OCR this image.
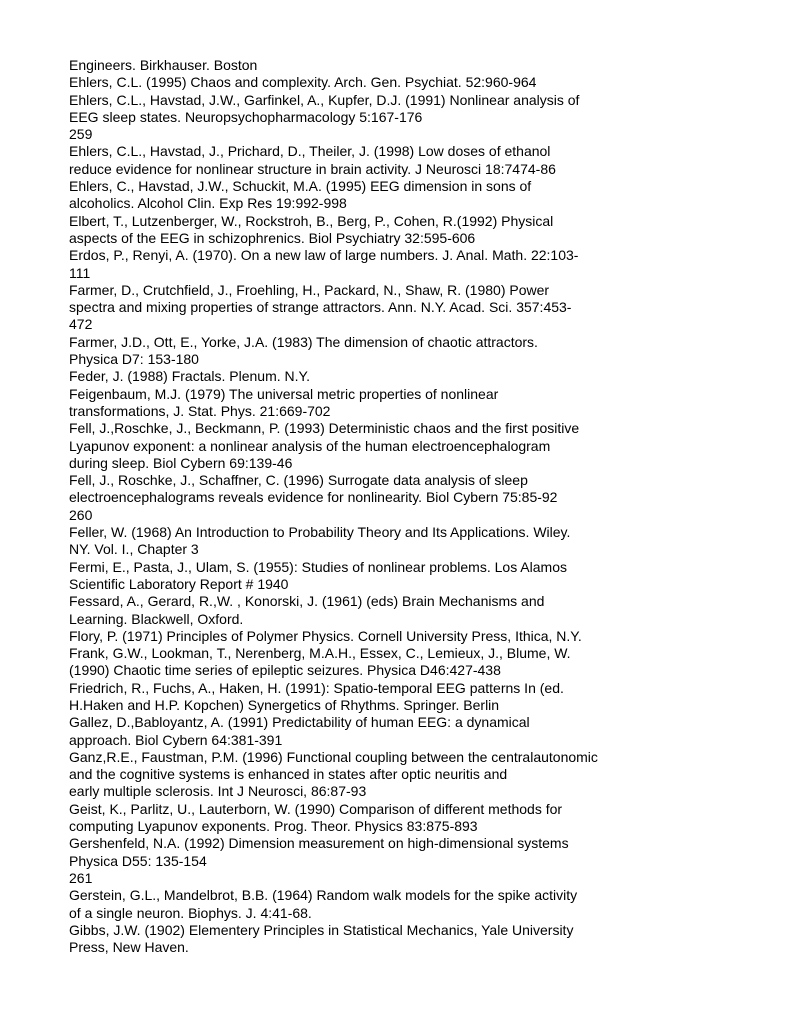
Engineers. Birkhauser. Boston
Ehlers, C.L. (1995) Chaos and complexity. Arch. Gen. Psychiat. 52:960-964
Ehlers, C.L., Havstad, J.W., Garfinkel, A., Kupfer, D.J. (1991) Nonlinear analysis of
EEG sleep states. Neuropsychopharmacology 5:167-176
259
Ehlers, C.L., Havstad, J., Prichard, D., Theiler, J. (1998) Low doses of ethanol
reduce evidence for nonlinear structure in brain activity. J Neurosci 18:7474-86
Ehlers, C., Havstad, J.W., Schuckit, M.A. (1995) EEG dimension in sons of
alcoholics. Alcohol Clin. Exp Res 19:992-998
Elbert, T., Lutzenberger, W., Rockstroh, B., Berg, P., Cohen, R.(1992) Physical
aspects of the EEG in schizophrenics. Biol Psychiatry 32:595-606
Erdos, P., Renyi, A. (1970). On a new law of large numbers. J. Anal. Math. 22:103-
111
Farmer, D., Crutchfield, J., Froehling, H., Packard, N., Shaw, R. (1980) Power
spectra and mixing properties of strange attractors. Ann. N.Y. Acad. Sci. 357:453-
472
Farmer, J.D., Ott, E., Yorke, J.A. (1983) The dimension of chaotic attractors.
Physica D7: 153-180
Feder, J. (1988) Fractals. Plenum. N.Y.
Feigenbaum, M.J. (1979) The universal metric properties of nonlinear
transformations, J. Stat. Phys. 21:669-702
Fell, J.,Roschke, J., Beckmann, P. (1993) Deterministic chaos and the first positive
Lyapunov exponent: a nonlinear analysis of the human electroencephalogram
during sleep. Biol Cybern 69:139-46
Fell, J., Roschke, J., Schaffner, C. (1996) Surrogate data analysis of sleep
electroencephalograms reveals evidence for nonlinearity. Biol Cybern 75:85-92
260
Feller, W. (1968) An Introduction to Probability Theory and Its Applications. Wiley.
NY. Vol. I., Chapter 3
Fermi, E., Pasta, J., Ulam, S. (1955): Studies of nonlinear problems. Los Alamos
Scientific Laboratory Report # 1940
Fessard, A., Gerard, R.,W. , Konorski, J. (1961) (eds) Brain Mechanisms and
Learning. Blackwell, Oxford.
Flory, P. (1971) Principles of Polymer Physics. Cornell University Press, Ithica, N.Y.
Frank, G.W., Lookman, T., Nerenberg, M.A.H., Essex, C., Lemieux, J., Blume, W.
(1990) Chaotic time series of epileptic seizures. Physica D46:427-438
Friedrich, R., Fuchs, A., Haken, H. (1991): Spatio-temporal EEG patterns In (ed.
H.Haken and H.P. Kopchen) Synergetics of Rhythms. Springer. Berlin
Gallez, D.,Babloyantz, A. (1991) Predictability of human EEG: a dynamical
approach. Biol Cybern 64:381-391
Ganz,R.E., Faustman, P.M. (1996) Functional coupling between the centralautonomic
and the cognitive systems is enhanced in states after optic neuritis and
early multiple sclerosis. Int J Neurosci, 86:87-93
Geist, K., Parlitz, U., Lauterborn, W. (1990) Comparison of different methods for
computing Lyapunov exponents. Prog. Theor. Physics 83:875-893
Gershenfeld, N.A. (1992) Dimension measurement on high-dimensional systems
Physica D55: 135-154
261
Gerstein, G.L., Mandelbrot, B.B. (1964) Random walk models for the spike activity
of a single neuron. Biophys. J. 4:41-68.
Gibbs, J.W. (1902) Elementery Principles in Statistical Mechanics, Yale University
Press, New Haven.
